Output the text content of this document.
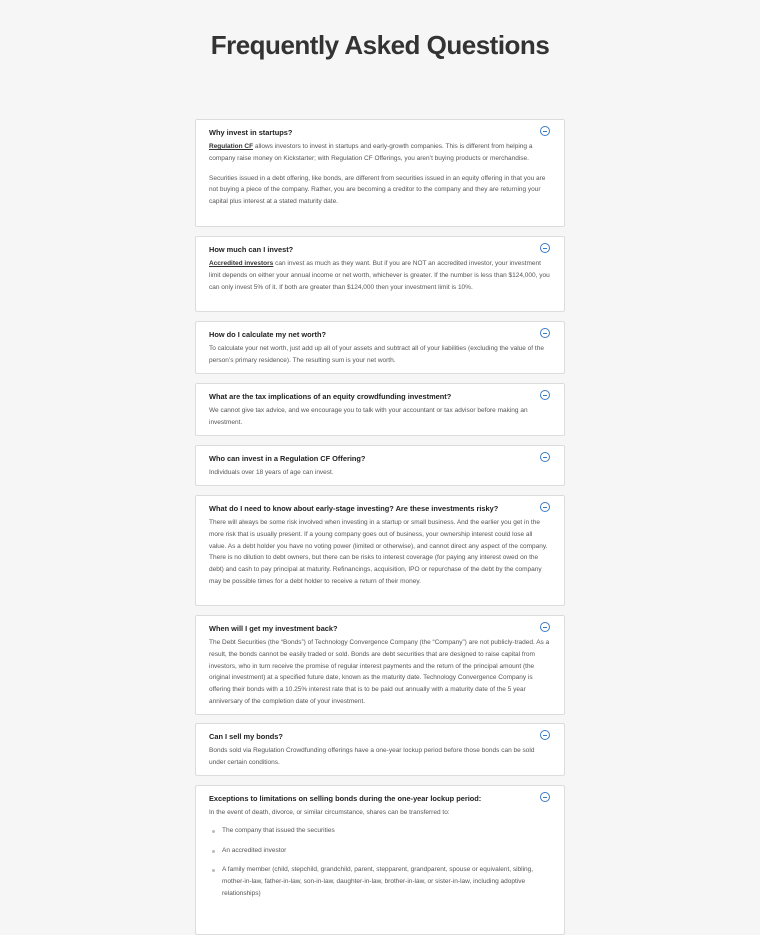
Frequently Asked Questions
Why invest in startups?

Regulation CF allows investors to invest in startups and early-growth companies. This is different from helping a company raise money on Kickstarter; with Regulation CF Offerings, you aren’t buying products or merchandise.

Securities issued in a debt offering, like bonds, are different from securities issued in an equity offering in that you are not buying a piece of the company. Rather, you are becoming a creditor to the company and they are returning your capital plus interest at a stated maturity date.

How much can I invest?

Accredited investors can invest as much as they want. But if you are NOT an accredited investor, your investment limit depends on either your annual income or net worth, whichever is greater. If the number is less than $124,000, you can only invest 5% of it. If both are greater than $124,000 then your investment limit is 10%.

How do I calculate my net worth?

To calculate your net worth, just add up all of your assets and subtract all of your liabilities (excluding the value of the person’s primary residence). The resulting sum is your net worth.

What are the tax implications of an equity crowdfunding investment?

We cannot give tax advice, and we encourage you to talk with your accountant or tax advisor before making an investment.

Who can invest in a Regulation CF Offering?

Individuals over 18 years of age can invest.

What do I need to know about early-stage investing? Are these investments risky?

There will always be some risk involved when investing in a startup or small business. And the earlier you get in the more risk that is usually present. If a young company goes out of business, your ownership interest could lose all value. As a debt holder you have no voting power (limited or otherwise), and cannot direct any aspect of the company. There is no dilution to debt owners, but there can be risks to interest coverage (for paying any interest owed on the debt) and cash to pay principal at maturity. Refinancings, acquisition, IPO or repurchase of the debt by the company may be possible times for a debt holder to receive a return of their money.

When will I get my investment back?

The Debt Securities (the “Bonds”) of Technology Convergence Company (the “Company”) are not publicly-traded. As a result, the bonds cannot be easily traded or sold. Bonds are debt securities that are designed to raise capital from investors, who in turn receive the promise of regular interest payments and the return of the principal amount (the original investment) at a specified future date, known as the maturity date. Technology Convergence Company is offering their bonds with a 10.25% interest rate that is to be paid out annually with a maturity date of the 5 year anniversary of the completion date of your investment.

Can I sell my bonds?

Bonds sold via Regulation Crowdfunding offerings have a one-year lockup period before those bonds can be sold under certain conditions.

Exceptions to limitations on selling bonds during the one-year lockup period:

In the event of death, divorce, or similar circumstance, shares can be transferred to:

The company that issued the securities
An accredited investor
A family member (child, stepchild, grandchild, parent, stepparent, grandparent, spouse or equivalent, sibling, mother-in-law, father-in-law, son-in-law, daughter-in-law, brother-in-law, or sister-in-law, including adoptive relationships)
